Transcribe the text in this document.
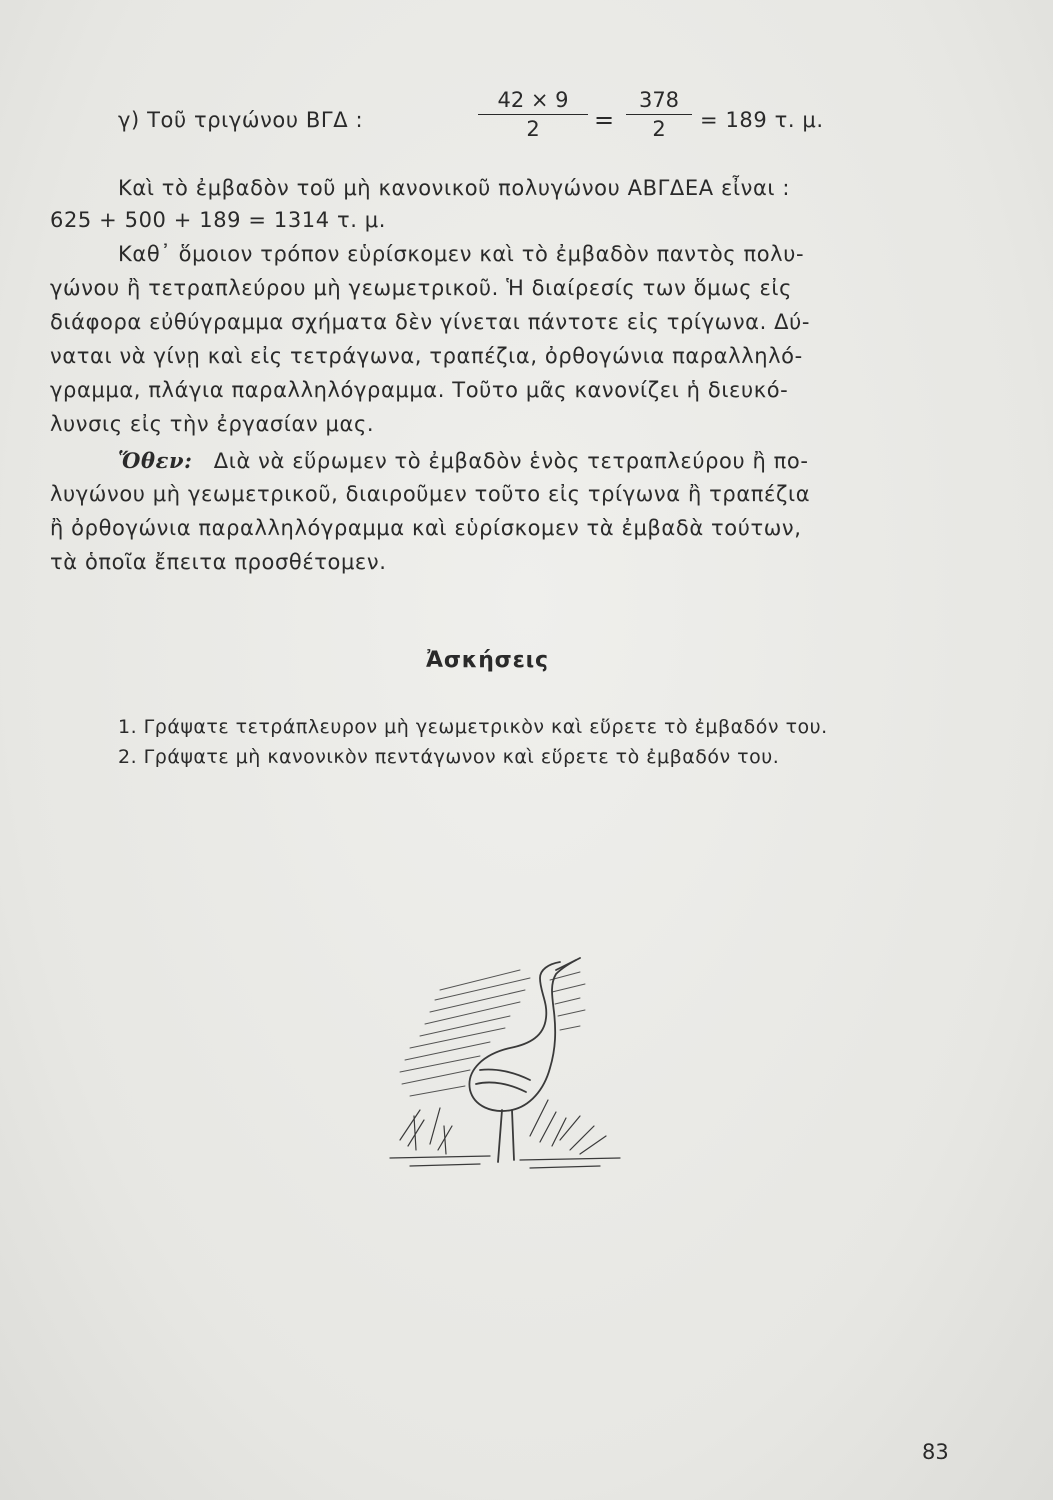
γ) Τοῦ τριγώνου ΒΓΔ :
42 × 9
2	=
378
2	= 189 τ. μ.
Καὶ τὸ ἐμβαδὸν τοῦ μὴ κανονικοῦ πολυγώνου ΑΒΓΔΕΑ εἶναι :
625 + 500 + 189 = 1314 τ. μ.
Καθ᾽ ὅμοιον τρόπον εὑρίσκομεν καὶ τὸ ἐμβαδὸν παντὸς πολυ-
γώνου ἢ τετραπλεύρου μὴ γεωμετρικοῦ. Ἡ διαίρεσίς των ὅμως εἰς
διάφορα εὐθύγραμμα σχήματα δὲν γίνεται πάντοτε εἰς τρίγωνα. Δύ-
ναται νὰ γίνῃ καὶ εἰς τετράγωνα, τραπέζια, ὀρθογώνια παραλληλό-
γραμμα, πλάγια παραλληλόγραμμα. Τοῦτο μᾶς κανονίζει ἡ διευκό-
λυνσις εἰς τὴν ἐργασίαν μας.
Ὅθεν: Διὰ νὰ εὕρωμεν τὸ ἐμβαδὸν ἑνὸς τετραπλεύρου ἢ πο-
λυγώνου μὴ γεωμετρικοῦ, διαιροῦμεν τοῦτο εἰς τρίγωνα ἢ τραπέζια
ἢ ὀρθογώνια παραλληλόγραμμα καὶ εὑρίσκομεν τὰ ἐμβαδὰ τούτων,
τὰ ὁποῖα ἔπειτα προσθέτομεν.
Ἀσκήσεις
1. Γράψατε τετράπλευρον μὴ γεωμετρικὸν καὶ εὕρετε τὸ ἐμβαδόν του.
2. Γράψατε μὴ κανονικὸν πεντάγωνον καὶ εὕρετε τὸ ἐμβαδόν του.
83
